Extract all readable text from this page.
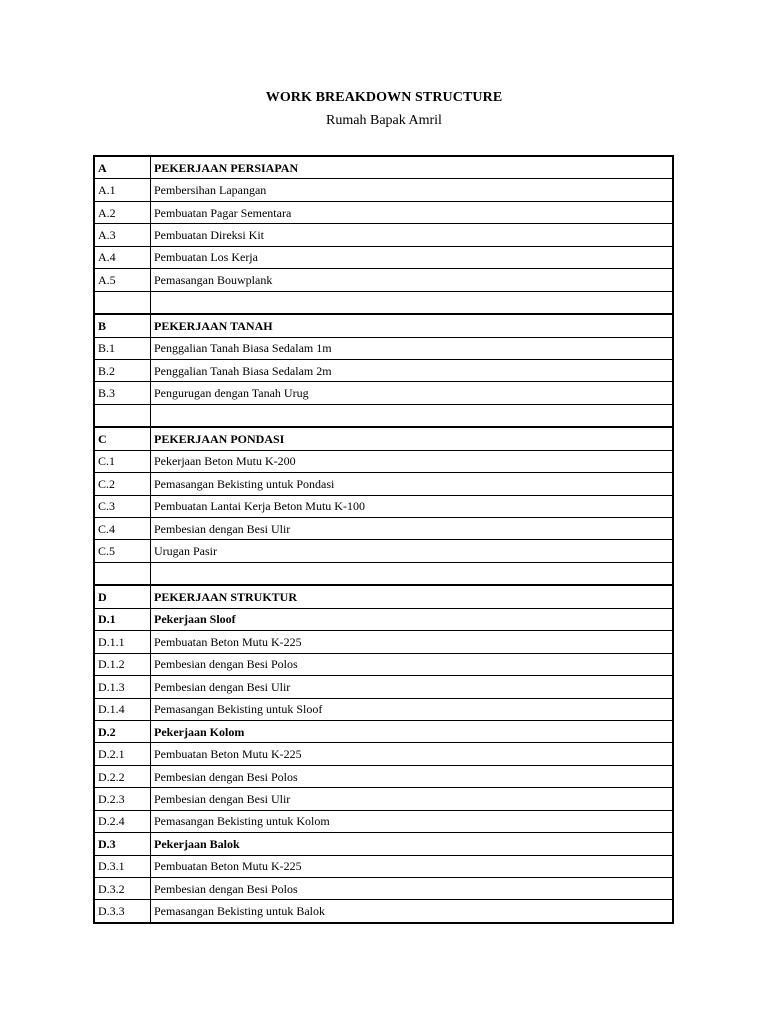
WORK BREAKDOWN STRUCTURE
Rumah Bapak Amril
A	PEKERJAAN PERSIAPAN
A.1	Pembersihan Lapangan
A.2	Pembuatan Pagar Sementara
A.3	Pembuatan Direksi Kit
A.4	Pembuatan Los Kerja
A.5	Pemasangan Bouwplank

B	PEKERJAAN TANAH
B.1	Penggalian Tanah Biasa Sedalam 1m
B.2	Penggalian Tanah Biasa Sedalam 2m
B.3	Pengurugan dengan Tanah Urug

C	PEKERJAAN PONDASI
C.1	Pekerjaan Beton Mutu K-200
C.2	Pemasangan Bekisting untuk Pondasi
C.3	Pembuatan Lantai Kerja Beton Mutu K-100
C.4	Pembesian dengan Besi Ulir
C.5	Urugan Pasir

D	PEKERJAAN STRUKTUR
D.1	Pekerjaan Sloof
D.1.1	Pembuatan Beton Mutu K-225
D.1.2	Pembesian dengan Besi Polos
D.1.3	Pembesian dengan Besi Ulir
D.1.4	Pemasangan Bekisting untuk Sloof
D.2	Pekerjaan Kolom
D.2.1	Pembuatan Beton Mutu K-225
D.2.2	Pembesian dengan Besi Polos
D.2.3	Pembesian dengan Besi Ulir
D.2.4	Pemasangan Bekisting untuk Kolom
D.3	Pekerjaan Balok
D.3.1	Pembuatan Beton Mutu K-225
D.3.2	Pembesian dengan Besi Polos
D.3.3	Pemasangan Bekisting untuk Balok
